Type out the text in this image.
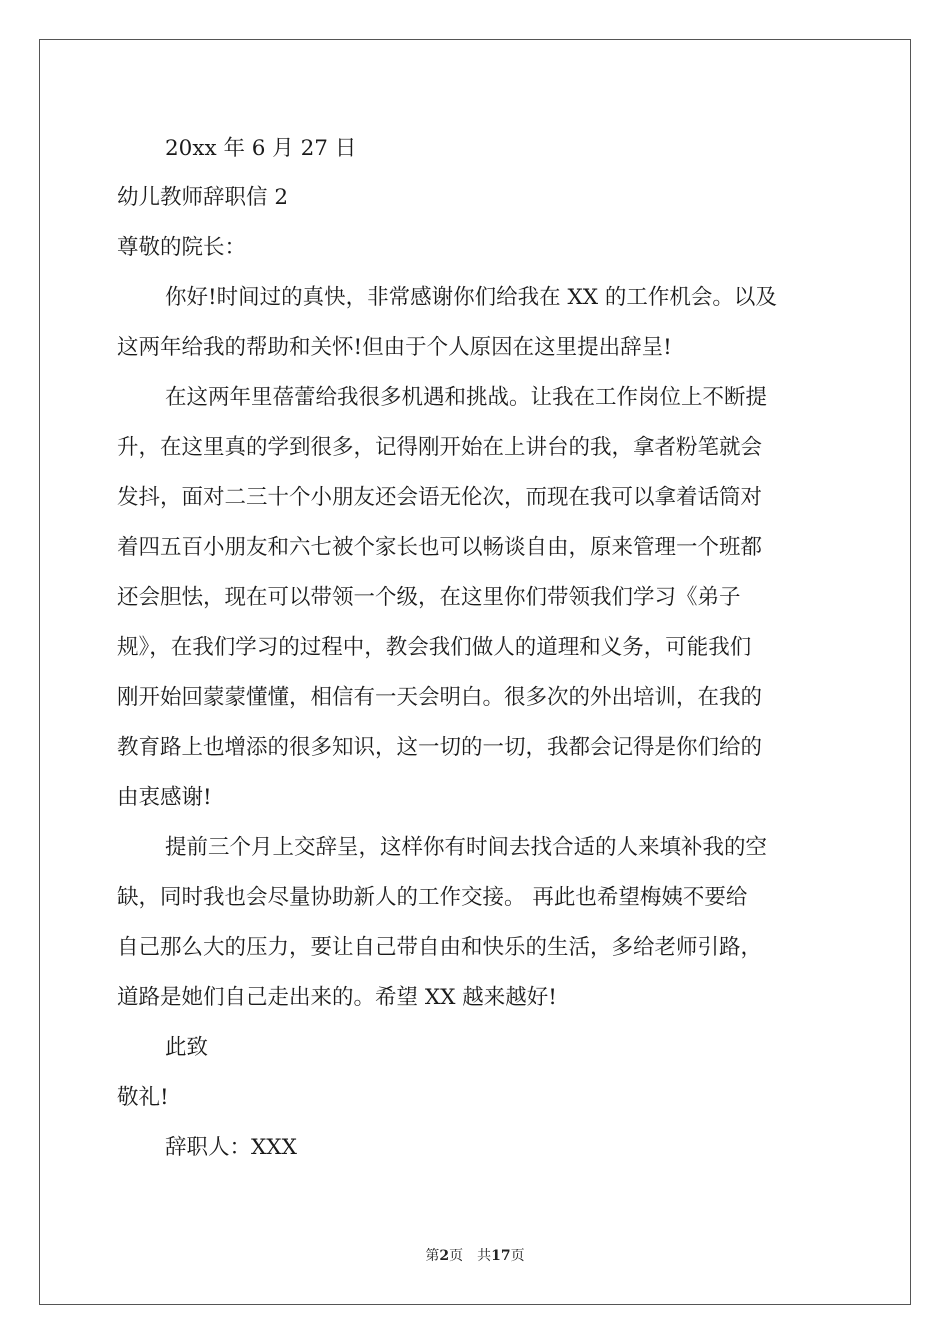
20xx 年 6 月 27 日
幼儿教师辞职信 2
尊敬的院长：
你好!时间过的真快，非常感谢你们给我在 XX 的工作机会。以及
这两年给我的帮助和关怀!但由于个人原因在这里提出辞呈!
在这两年里蓓蕾给我很多机遇和挑战。让我在工作岗位上不断提
升，在这里真的学到很多，记得刚开始在上讲台的我，拿者粉笔就会
发抖，面对二三十个小朋友还会语无伦次，而现在我可以拿着话筒对
着四五百小朋友和六七被个家长也可以畅谈自由，原来管理一个班都
还会胆怯，现在可以带领一个级，在这里你们带领我们学习《弟子
规》，在我们学习的过程中，教会我们做人的道理和义务，可能我们
刚开始回蒙蒙懂懂，相信有一天会明白。很多次的外出培训，在我的
教育路上也增添的很多知识，这一切的一切，我都会记得是你们给的
由衷感谢!
提前三个月上交辞呈，这样你有时间去找合适的人来填补我的空
缺，同时我也会尽量协助新人的工作交接。 再此也希望梅姨不要给
自己那么大的压力，要让自己带自由和快乐的生活，多给老师引路，
道路是她们自己走出来的。希望 XX 越来越好!
此致
敬礼!
辞职人：XXX
第2页 共17页
